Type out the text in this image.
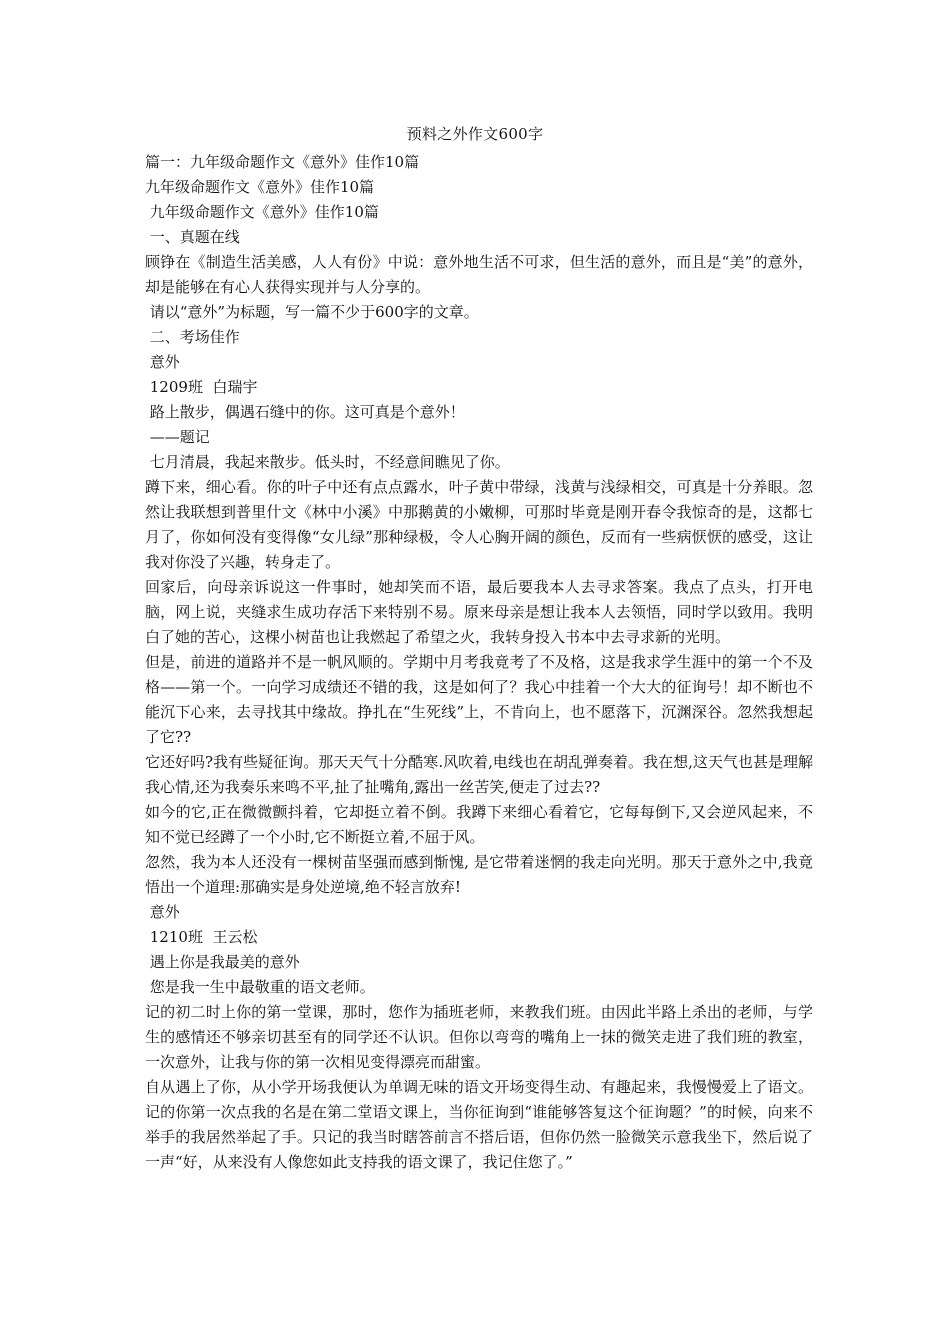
预料之外作文600字
篇一：九年级命题作文《意外》佳作10篇
九年级命题作文《意外》佳作10篇
九年级命题作文《意外》佳作10篇
一、真题在线
顾铮在《制造生活美感，人人有份》中说：意外地生活不可求，但生活的意外，而且是“美”的意外，却是能够在有心人获得实现并与人分享的。
请以“意外”为标题，写一篇不少于600字的文章。
二、考场佳作
意外
1209班  白瑞宇
路上散步，偶遇石缝中的你。这可真是个意外！
——题记
七月清晨，我起来散步。低头时，不经意间瞧见了你。
蹲下来，细心看。你的叶子中还有点点露水，叶子黄中带绿，浅黄与浅绿相交，可真是十分养眼。忽然让我联想到普里什文《林中小溪》中那鹅黄的小嫩柳，可那时毕竟是刚开春令我惊奇的是，这都七月了，你如何没有变得像“女儿绿”那种绿极，令人心胸开阔的颜色，反而有一些病恹恹的感受，这让我对你没了兴趣，转身走了。
回家后，向母亲诉说这一件事时，她却笑而不语，最后要我本人去寻求答案。我点了点头，打开电脑，网上说，夹缝求生成功存活下来特别不易。原来母亲是想让我本人去领悟，同时学以致用。我明白了她的苦心，这棵小树苗也让我燃起了希望之火，我转身投入书本中去寻求新的光明。
但是，前进的道路并不是一帆风顺的。学期中月考我竟考了不及格，这是我求学生涯中的第一个不及格——第一个。一向学习成绩还不错的我，这是如何了？我心中挂着一个大大的征询号！却不断也不能沉下心来，去寻找其中缘故。挣扎在“生死线”上，不肯向上，也不愿落下，沉渊深谷。忽然我想起了它??
它还好吗?我有些疑征询。那天天气十分酷寒.风吹着,电线也在胡乱弹奏着。我在想,这天气也甚是理解我心情,还为我奏乐来鸣不平,扯了扯嘴角,露出一丝苦笑,便走了过去??
如今的它,正在微微颤抖着，它却挺立着不倒。我蹲下来细心看着它，它每每倒下,又会逆风起来，不知不觉已经蹲了一个小时,它不断挺立着,不屈于风。
忽然，我为本人还没有一棵树苗坚强而感到惭愧, 是它带着迷惘的我走向光明。那天于意外之中,我竟悟出一个道理:那确实是身处逆境,绝不轻言放弃!
意外
1210班  王云松
遇上你是我最美的意外
您是我一生中最敬重的语文老师。
记的初二时上你的第一堂课，那时，您作为插班老师，来教我们班。由因此半路上杀出的老师，与学生的感情还不够亲切甚至有的同学还不认识。但你以弯弯的嘴角上一抹的微笑走进了我们班的教室，一次意外，让我与你的第一次相见变得漂亮而甜蜜。
自从遇上了你，从小学开场我便认为单调无味的语文开场变得生动、有趣起来，我慢慢爱上了语文。记的你第一次点我的名是在第二堂语文课上，当你征询到“谁能够答复这个征询题？”的时候，向来不举手的我居然举起了手。只记的我当时瞎答前言不搭后语，但你仍然一脸微笑示意我坐下，然后说了一声“好，从来没有人像您如此支持我的语文课了，我记住您了。”
